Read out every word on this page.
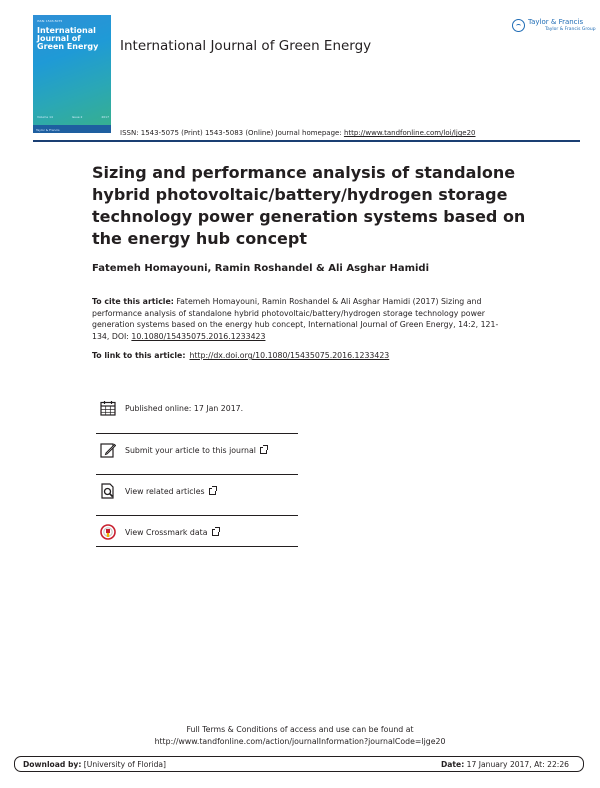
ISSN: 1543-5075
International Journal of Green Energy
Volume 14	Issue 2	2017
Taylor & Francis
International Journal of Green Energy
Taylor & Francis
Taylor & Francis Group
ISSN: 1543-5075 (Print) 1543-5083 (Online) Journal homepage: http://www.tandfonline.com/loi/ljge20
Sizing and performance analysis of standalone hybrid photovoltaic/battery/hydrogen storage technology power generation systems based on the energy hub concept
Fatemeh Homayouni, Ramin Roshandel & Ali Asghar Hamidi
To cite this article: Fatemeh Homayouni, Ramin Roshandel & Ali Asghar Hamidi (2017) Sizing and performance analysis of standalone hybrid photovoltaic/battery/hydrogen storage technology power generation systems based on the energy hub concept, International Journal of Green Energy, 14:2, 121-134, DOI: 10.1080/15435075.2016.1233423
To link to this article: http://dx.doi.org/10.1080/15435075.2016.1233423
Published online: 17 Jan 2017.
Submit your article to this journal
View related articles
View Crossmark data
Full Terms & Conditions of access and use can be found at
http://www.tandfonline.com/action/journalInformation?journalCode=ljge20
Download by: [University of Florida]	Date: 17 January 2017, At: 22:26
